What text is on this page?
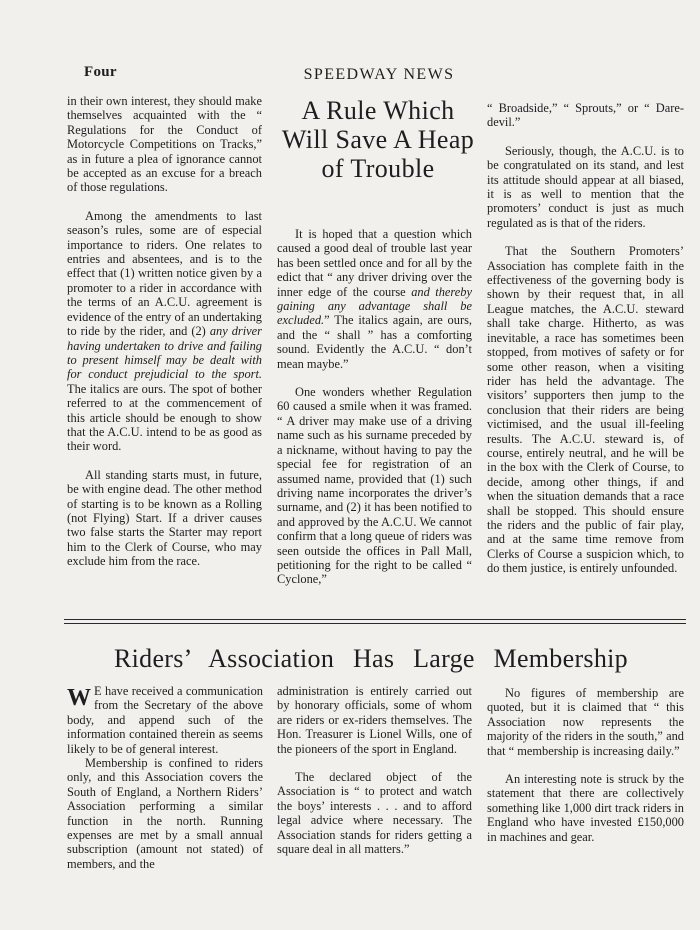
Four	SPEEDWAY NEWS

in their own interest, they should make themselves acquainted with the “ Regulations for the Conduct of Motorcycle Competitions on Tracks,” as in future a plea of ignorance cannot be accepted as an excuse for a breach of those regulations.

Among the amendments to last season’s rules, some are of especial importance to riders. One relates to entries and absentees, and is to the effect that (1) written notice given by a promoter to a rider in accordance with the terms of an A.C.U. agreement is evidence of the entry of an undertaking to ride by the rider, and (2) any driver having undertaken to drive and failing to present himself may be dealt with for conduct prejudicial to the sport. The italics are ours. The spot of bother referred to at the commencement of this article should be enough to show that the A.C.U. intend to be as good as their word.

All standing starts must, in future, be with engine dead. The other method of starting is to be known as a Rolling (not Flying) Start. If a driver causes two false starts the Starter may report him to the Clerk of Course, who may exclude him from the race.

A Rule Which Will Save A Heap of Trouble

It is hoped that a question which caused a good deal of trouble last year has been settled once and for all by the edict that “ any driver driving over the inner edge of the course and thereby gaining any advantage shall be excluded.” The italics again, are ours, and the “ shall ” has a comforting sound. Evidently the A.C.U. “ don’t mean maybe.”

One wonders whether Regulation 60 caused a smile when it was framed. “ A driver may make use of a driving name such as his surname preceded by a nickname, without having to pay the special fee for registration of an assumed name, provided that (1) such driving name incorporates the driver’s surname, and (2) it has been notified to and approved by the A.C.U. We cannot confirm that a long queue of riders was seen outside the offices in Pall Mall, petitioning for the right to be called “ Cyclone,”

“ Broadside,” “ Sprouts,” or “ Dare-devil.”

Seriously, though, the A.C.U. is to be congratulated on its stand, and lest its attitude should appear at all biased, it is as well to mention that the promoters’ conduct is just as much regulated as is that of the riders.

That the Southern Promoters’ Association has complete faith in the effectiveness of the governing body is shown by their request that, in all League matches, the A.C.U. steward shall take charge. Hitherto, as was inevitable, a race has sometimes been stopped, from motives of safety or for some other reason, when a visiting rider has held the advantage. The visitors’ supporters then jump to the conclusion that their riders are being victimised, and the usual ill-feeling results. The A.C.U. steward is, of course, entirely neutral, and he will be in the box with the Clerk of Course, to decide, among other things, if and when the situation demands that a race shall be stopped. This should ensure the riders and the public of fair play, and at the same time remove from Clerks of Course a suspicion which, to do them justice, is entirely unfounded.

Riders’ Association Has Large Membership

W E have received a communication from the Secretary of the above body, and append such of the information contained therein as seems likely to be of general interest.

Membership is confined to riders only, and this Association covers the South of England, a Northern Riders’ Association performing a similar function in the north. Running expenses are met by a small annual subscription (amount not stated) of members, and the

administration is entirely carried out by honorary officials, some of whom are riders or ex-riders themselves. The Hon. Treasurer is Lionel Wills, one of the pioneers of the sport in England.

The declared object of the Association is “ to protect and watch the boys’ interests . . . and to afford legal advice where necessary. The Association stands for riders getting a square deal in all matters.”

No figures of membership are quoted, but it is claimed that “ this Association now represents the majority of the riders in the south,” and that “ membership is increasing daily.”

An interesting note is struck by the statement that there are collectively something like 1,000 dirt track riders in England who have invested £150,000 in machines and gear.
